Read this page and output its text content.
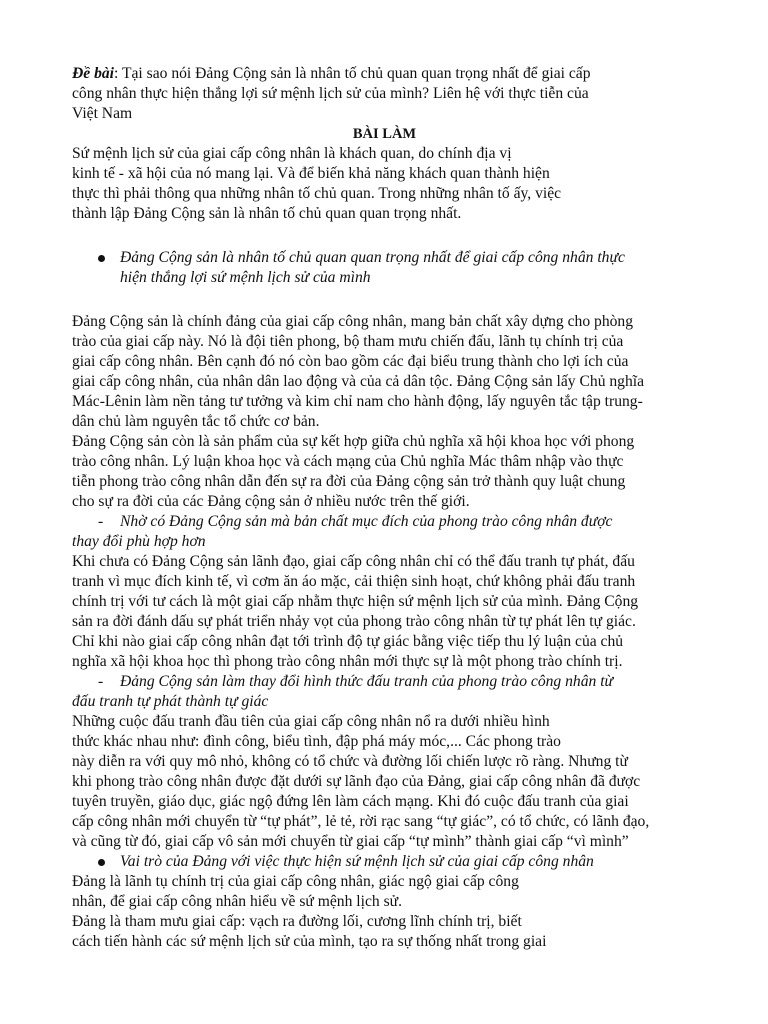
Đề bài: Tại sao nói Đảng Cộng sản là nhân tố chủ quan quan trọng nhất để giai cấp
công nhân thực hiện thắng lợi sứ mệnh lịch sử của mình? Liên hệ với thực tiễn của
Việt Nam
BÀI LÀM
Sứ mệnh lịch sử của giai cấp công nhân là khách quan, do chính địa vị
kinh tế - xã hội của nó mang lại. Và để biến khả năng khách quan thành hiện
thực thì phải thông qua những nhân tố chủ quan. Trong những nhân tố ấy, việc
thành lập Đảng Cộng sản là nhân tố chủ quan quan trọng nhất.
Đảng Cộng sản là nhân tố chủ quan quan trọng nhất để giai cấp công nhân thực
hiện thắng lợi sứ mệnh lịch sử của mình
Đảng Cộng sản là chính đảng của giai cấp công nhân, mang bản chất xây dựng cho phòng
trào của giai cấp này. Nó là đội tiên phong, bộ tham mưu chiến đấu, lãnh tụ chính trị của
giai cấp công nhân. Bên cạnh đó nó còn bao gồm các đại biểu trung thành cho lợi ích của
giai cấp công nhân, của nhân dân lao động và của cả dân tộc. Đảng Cộng sản lấy Chủ nghĩa
Mác-Lênin làm nền tảng tư tưởng và kim chỉ nam cho hành động, lấy nguyên tắc tập trung-
dân chủ làm nguyên tắc tổ chức cơ bản.
Đảng Cộng sản còn là sản phẩm của sự kết hợp giữa chủ nghĩa xã hội khoa học với phong
trào công nhân. Lý luận khoa học và cách mạng của Chủ nghĩa Mác thâm nhập vào thực
tiễn phong trào công nhân dẫn đến sự ra đời của Đảng cộng sản trở thành quy luật chung
cho sự ra đời của các Đảng cộng sản ở nhiều nước trên thế giới.
- Nhờ có Đảng Cộng sản mà bản chất mục đích của phong trào công nhân được
thay đổi phù hợp hơn
Khi chưa có Đảng Cộng sản lãnh đạo, giai cấp công nhân chỉ có thể đấu tranh tự phát, đấu
tranh vì mục đích kinh tế, vì cơm ăn áo mặc, cải thiện sinh hoạt, chứ không phải đấu tranh
chính trị với tư cách là một giai cấp nhằm thực hiện sứ mệnh lịch sử của mình. Đảng Cộng
sản ra đời đánh dấu sự phát triển nhảy vọt của phong trào công nhân từ tự phát lên tự giác.
Chỉ khi nào giai cấp công nhân đạt tới trình độ tự giác bằng việc tiếp thu lý luận của chủ
nghĩa xã hội khoa học thì phong trào công nhân mới thực sự là một phong trào chính trị.
- Đảng Cộng sản làm thay đổi hình thức đấu tranh của phong trào công nhân từ
đấu tranh tự phát thành tự giác
Những cuộc đấu tranh đầu tiên của giai cấp công nhân nổ ra dưới nhiều hình
thức khác nhau như: đình công, biểu tình, đập phá máy móc,... Các phong trào
này diễn ra với quy mô nhỏ, không có tổ chức và đường lối chiến lược rõ ràng. Nhưng từ
khi phong trào công nhân được đặt dưới sự lãnh đạo của Đảng, giai cấp công nhân đã được
tuyên truyền, giáo dục, giác ngộ đứng lên làm cách mạng. Khi đó cuộc đấu tranh của giai
cấp công nhân mới chuyển từ “tự phát”, lẻ tẻ, rời rạc sang “tự giác”, có tổ chức, có lãnh đạo,
và cũng từ đó, giai cấp vô sản mới chuyển từ giai cấp “tự mình” thành giai cấp “vì mình”
Vai trò của Đảng với việc thực hiện sứ mệnh lịch sử của giai cấp công nhân
Đảng là lãnh tụ chính trị của giai cấp công nhân, giác ngộ giai cấp công
nhân, để giai cấp công nhân hiểu về sứ mệnh lịch sử.
Đảng là tham mưu giai cấp: vạch ra đường lối, cương lĩnh chính trị, biết
cách tiến hành các sứ mệnh lịch sử của mình, tạo ra sự thống nhất trong giai
